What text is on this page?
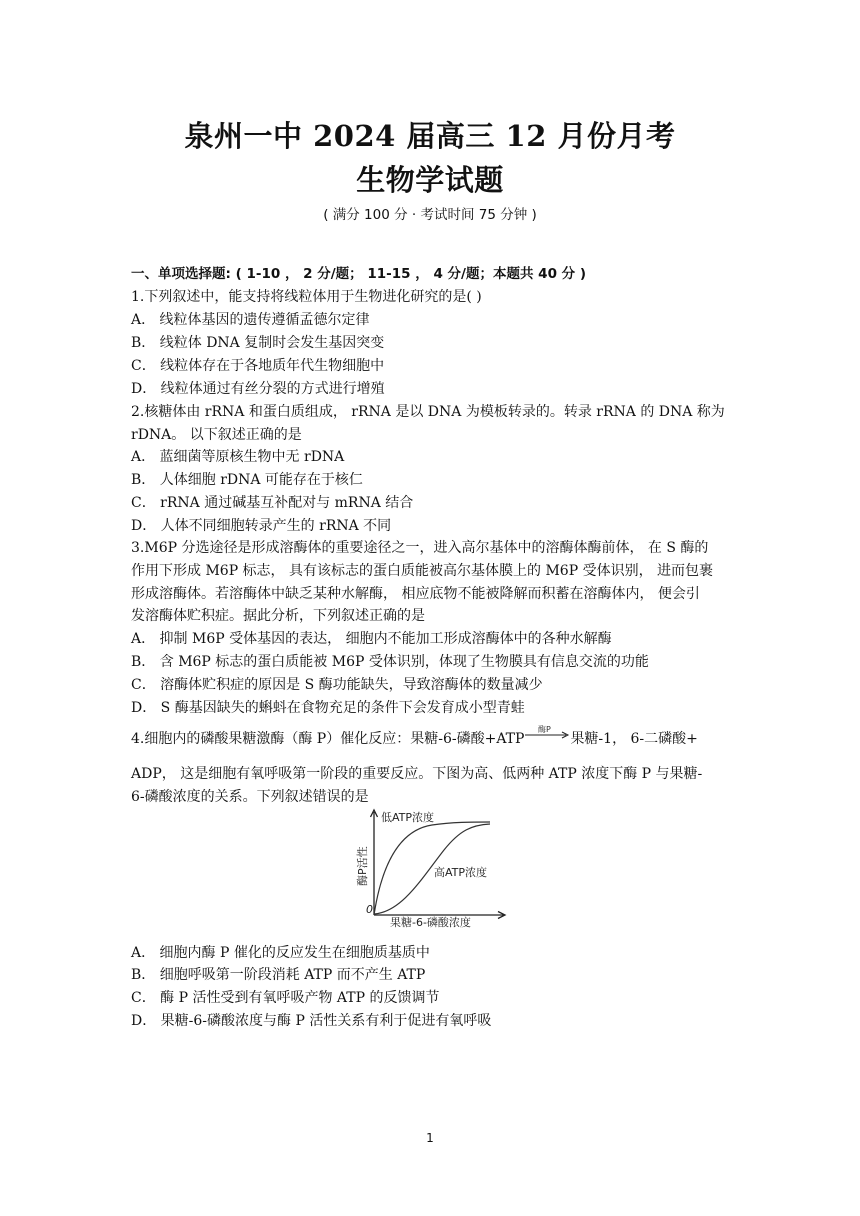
泉州一中 2024 届高三 12 月份月考
生物学试题
( 满分 100 分 · 考试时间 75 分钟 )
一、单项选择题: ( 1-10 ， 2 分/题； 11-15 ， 4 分/题；本题共 40 分 )
1.下列叙述中，能支持将线粒体用于生物进化研究的是( )
A． 线粒体基因的遗传遵循孟德尔定律
B． 线粒体 DNA 复制时会发生基因突变
C． 线粒体存在于各地质年代生物细胞中
D． 线粒体通过有丝分裂的方式进行增殖
2.核糖体由 rRNA 和蛋白质组成， rRNA 是以 DNA 为模板转录的。转录 rRNA 的 DNA 称为
rDNA。 以下叙述正确的是
A． 蓝细菌等原核生物中无 rDNA
B． 人体细胞 rDNA 可能存在于核仁
C． rRNA 通过碱基互补配对与 mRNA 结合
D． 人体不同细胞转录产生的 rRNA 不同
3.M6P 分选途径是形成溶酶体的重要途径之一，进入高尔基体中的溶酶体酶前体， 在 S 酶的
作用下形成 M6P 标志， 具有该标志的蛋白质能被高尔基体膜上的 M6P 受体识别， 进而包裹
形成溶酶体。若溶酶体中缺乏某种水解酶， 相应底物不能被降解而积蓄在溶酶体内， 便会引
发溶酶体贮积症。据此分析，下列叙述正确的是
A． 抑制 M6P 受体基因的表达， 细胞内不能加工形成溶酶体中的各种水解酶
B． 含 M6P 标志的蛋白质能被 M6P 受体识别，体现了生物膜具有信息交流的功能
C． 溶酶体贮积症的原因是 S 酶功能缺失，导致溶酶体的数量减少
D． S 酶基因缺失的蝌蚪在食物充足的条件下会发育成小型青蛙
4.细胞内的磷酸果糖激酶（酶 P）催化反应：果糖-6-磷酸+ATP
酶P
果糖-1， 6-二磷酸+
ADP， 这是细胞有氧呼吸第一阶段的重要反应。下图为高、低两种 ATP 浓度下酶 P 与果糖-
6-磷酸浓度的关系。下列叙述错误的是
低ATP浓度
高ATP浓度
0
果糖-6-磷酸浓度
酶P活性
A． 细胞内酶 P 催化的反应发生在细胞质基质中
B． 细胞呼吸第一阶段消耗 ATP 而不产生 ATP
C． 酶 P 活性受到有氧呼吸产物 ATP 的反馈调节
D． 果糖-6-磷酸浓度与酶 P 活性关系有利于促进有氧呼吸
1
